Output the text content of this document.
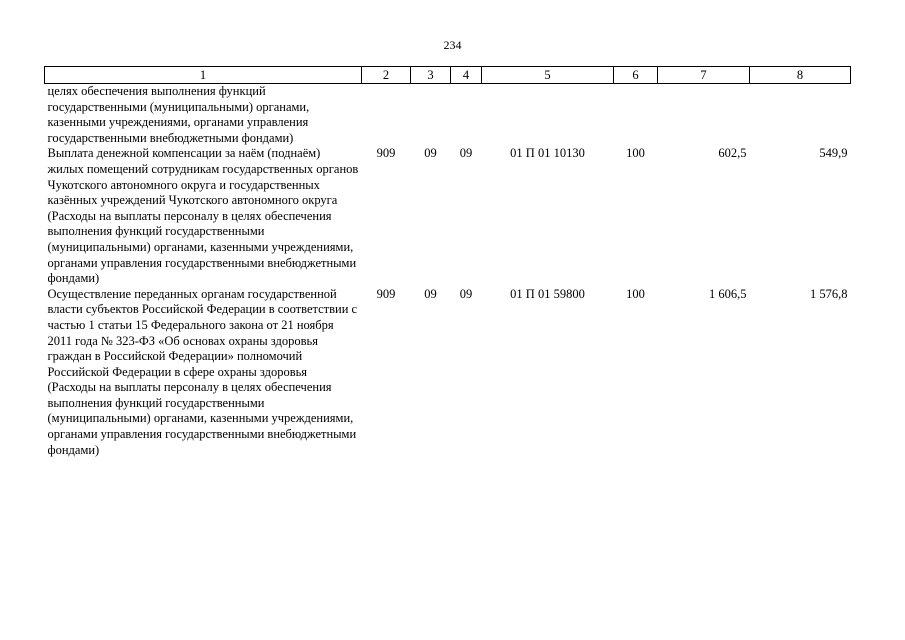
234
1	2	3	4	5	6	7	8
целях обеспечения выполнения функций государственными (муниципальными) органами, казенными учреждениями, органами управления государственными внебюджетными фондами)							
Выплата денежной компенсации за наём (поднаём) жилых помещений сотрудникам государственных органов Чукотского автономного округа и государственных казённых учреждений Чукотского автономного округа (Расходы на выплаты персоналу в целях обеспечения выполнения функций государственными (муниципальными) органами, казенными учреждениями, органами управления государственными внебюджетными фондами)	909	09	09	01 П 01 10130	100	602,5	549,9
Осуществление переданных органам государственной власти субъектов Российской Федерации в соответствии с частью 1 статьи 15 Федерального закона от 21 ноября 2011 года № 323-ФЗ «Об основах охраны здоровья граждан в Российской Федерации» полномочий Российской Федерации в сфере охраны здоровья (Расходы на выплаты персоналу в целях обеспечения выполнения функций государственными (муниципальными) органами, казенными учреждениями, органами управления государственными внебюджетными фондами)	909	09	09	01 П 01 59800	100	1 606,5	1 576,8
